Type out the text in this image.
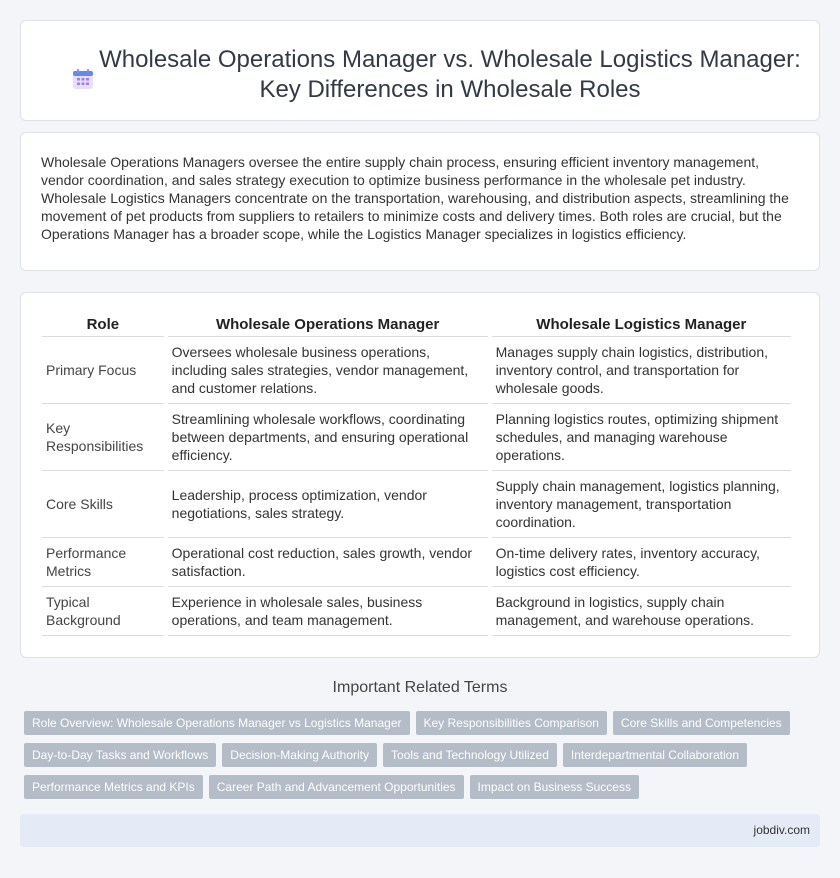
Wholesale Operations Manager vs. Wholesale Logistics Manager: Key Differences in Wholesale Roles

Wholesale Operations Managers oversee the entire supply chain process, ensuring efficient inventory management, vendor coordination, and sales strategy execution to optimize business performance in the wholesale pet industry. Wholesale Logistics Managers concentrate on the transportation, warehousing, and distribution aspects, streamlining the movement of pet products from suppliers to retailers to minimize costs and delivery times. Both roles are crucial, but the Operations Manager has a broader scope, while the Logistics Manager specializes in logistics efficiency.

Role	Wholesale Operations Manager	Wholesale Logistics Manager
Primary Focus	Oversees wholesale business operations, including sales strategies, vendor management, and customer relations.	Manages supply chain logistics, distribution, inventory control, and transportation for wholesale goods.
Key Responsibilities	Streamlining wholesale workflows, coordinating between departments, and ensuring operational efficiency.	Planning logistics routes, optimizing shipment schedules, and managing warehouse operations.
Core Skills	Leadership, process optimization, vendor negotiations, sales strategy.	Supply chain management, logistics planning, inventory management, transportation coordination.
Performance Metrics	Operational cost reduction, sales growth, vendor satisfaction.	On-time delivery rates, inventory accuracy, logistics cost efficiency.
Typical Background	Experience in wholesale sales, business operations, and team management.	Background in logistics, supply chain management, and warehouse operations.
Important Related Terms
Role Overview: Wholesale Operations Manager vs Logistics Manager	Key Responsibilities Comparison	Core Skills and Competencies
Day-to-Day Tasks and Workflows	Decision-Making Authority	Tools and Technology Utilized	Interdepartmental Collaboration
Performance Metrics and KPIs	Career Path and Advancement Opportunities	Impact on Business Success
jobdiv.com
